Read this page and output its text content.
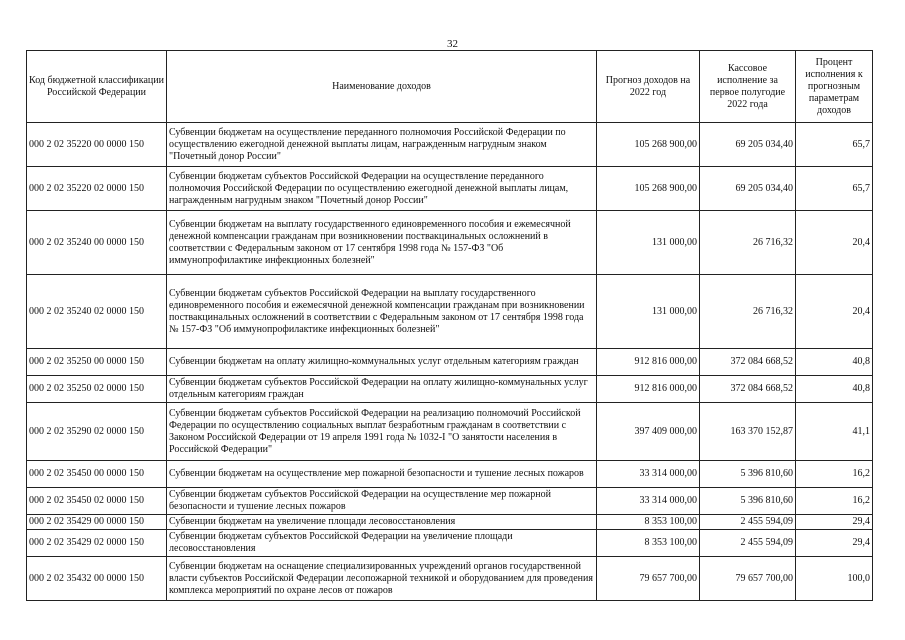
32
Код бюджетной классификации Российской Федерации	Наименование доходов	Прогноз доходов на 2022 год	Кассовое исполнение за первое полугодие 2022 года	Процент исполнения к прогнозным параметрам доходов
000 2 02 35220 00 0000 150	Субвенции бюджетам на осуществление переданного полномочия Российской Федерации по осуществлению ежегодной денежной выплаты лицам, награжденным нагрудным знаком "Почетный донор России"	105 268 900,00	69 205 034,40	65,7
000 2 02 35220 02 0000 150	Субвенции бюджетам субъектов Российской Федерации на осуществление переданного полномочия Российской Федерации по осуществлению ежегодной денежной выплаты лицам, награжденным нагрудным знаком "Почетный донор России"	105 268 900,00	69 205 034,40	65,7
000 2 02 35240 00 0000 150	Субвенции бюджетам на выплату государственного единовременного пособия и ежемесячной денежной компенсации гражданам при возникновении поствакцинальных осложнений в соответствии с Федеральным законом от 17 сентября 1998 года № 157-ФЗ "Об иммунопрофилактике инфекционных болезней"	131 000,00	26 716,32	20,4
000 2 02 35240 02 0000 150	Субвенции бюджетам субъектов Российской Федерации на выплату государственного единовременного пособия и ежемесячной денежной компенсации гражданам при возникновении поствакцинальных осложнений в соответствии с Федеральным законом от 17 сентября 1998 года № 157-ФЗ "Об иммунопрофилактике инфекционных болезней"	131 000,00	26 716,32	20,4
000 2 02 35250 00 0000 150	Субвенции бюджетам на оплату жилищно-коммунальных услуг отдельным категориям граждан	912 816 000,00	372 084 668,52	40,8
000 2 02 35250 02 0000 150	Субвенции бюджетам субъектов Российской Федерации на оплату жилищно-коммунальных услуг отдельным категориям граждан	912 816 000,00	372 084 668,52	40,8
000 2 02 35290 02 0000 150	Субвенции бюджетам субъектов Российской Федерации на реализацию полномочий Российской Федерации по осуществлению социальных выплат безработным гражданам в соответствии с Законом Российской Федерации от 19 апреля 1991 года № 1032-I "О занятости населения в Российской Федерации"	397 409 000,00	163 370 152,87	41,1
000 2 02 35450 00 0000 150	Субвенции бюджетам на осуществление мер пожарной безопасности и тушение лесных пожаров	33 314 000,00	5 396 810,60	16,2
000 2 02 35450 02 0000 150	Субвенции бюджетам субъектов Российской Федерации на осуществление мер пожарной безопасности и тушение лесных пожаров	33 314 000,00	5 396 810,60	16,2
000 2 02 35429 00 0000 150	Субвенции бюджетам на увеличение площади лесовосстановления	8 353 100,00	2 455 594,09	29,4
000 2 02 35429 02 0000 150	Субвенции бюджетам субъектов Российской Федерации на увеличение площади лесовосстановления	8 353 100,00	2 455 594,09	29,4
000 2 02 35432 00 0000 150	Субвенции бюджетам на оснащение специализированных учреждений органов государственной власти субъектов Российской Федерации лесопожарной техникой и оборудованием для проведения комплекса мероприятий по охране лесов от пожаров	79 657 700,00	79 657 700,00	100,0
